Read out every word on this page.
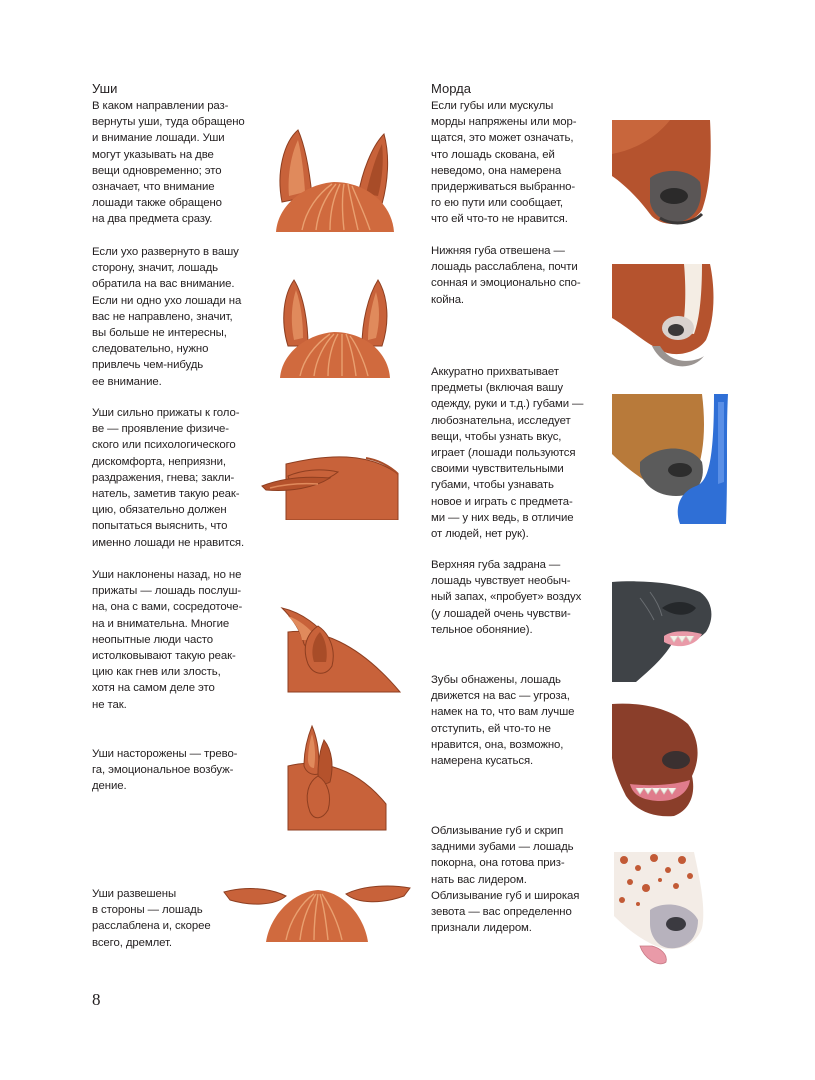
Уши

В каком направлении раз-
вернуты уши, туда обращено
и внимание лошади. Уши
могут указывать на две
вещи одновременно; это
означает, что внимание
лошади также обращено
на два предмета сразу.

Если ухо развернуто в вашу
сторону, значит, лошадь
обратила на вас внимание.
Если ни одно ухо лошади на
вас не направлено, значит,
вы больше не интересны,
следовательно, нужно
привлечь чем-нибудь
ее внимание.

Уши сильно прижаты к голо-
ве — проявление физиче-
ского или психологического
дискомфорта, неприязни,
раздражения, гнева; закли-
натель, заметив такую реак-
цию, обязательно должен
попытаться выяснить, что
именно лошади не нравится.

Уши наклонены назад, но не
прижаты — лошадь послуш-
на, она с вами, сосредоточе-
на и внимательна. Многие
неопытные люди часто
истолковывают такую реак-
цию как гнев или злость,
хотя на самом деле это
не так.

Уши насторожены — трево-
га, эмоциональное возбуж-
дение.

Уши развешены
в стороны — лошадь
расслаблена и, скорее
всего, дремлет.

Морда

Если губы или мускулы
морды напряжены или мор-
щатся, это может означать,
что лошадь скована, ей
неведомо, она намерена
придерживаться выбранно-
го ею пути или сообщает,
что ей что-то не нравится.

Нижняя губа отвешена —
лошадь расслаблена, почти
сонная и эмоционально спо-
койна.

Аккуратно прихватывает
предметы (включая вашу
одежду, руки и т.д.) губами —
любознательна, исследует
вещи, чтобы узнать вкус,
играет (лошади пользуются
своими чувствительными
губами, чтобы узнавать
новое и играть с предмета-
ми — у них ведь, в отличие
от людей, нет рук).

Верхняя губа задрана —
лошадь чувствует необыч-
ный запах, «пробует» воздух
(у лошадей очень чувстви-
тельное обоняние).

Зубы обнажены, лошадь
движется на вас — угроза,
намек на то, что вам лучше
отступить, ей что-то не
нравится, она, возможно,
намерена кусаться.

Облизывание губ и скрип
задними зубами — лошадь
покорна, она готова приз-
нать вас лидером.
Облизывание губ и широкая
зевота — вас определенно
признали лидером.

8
